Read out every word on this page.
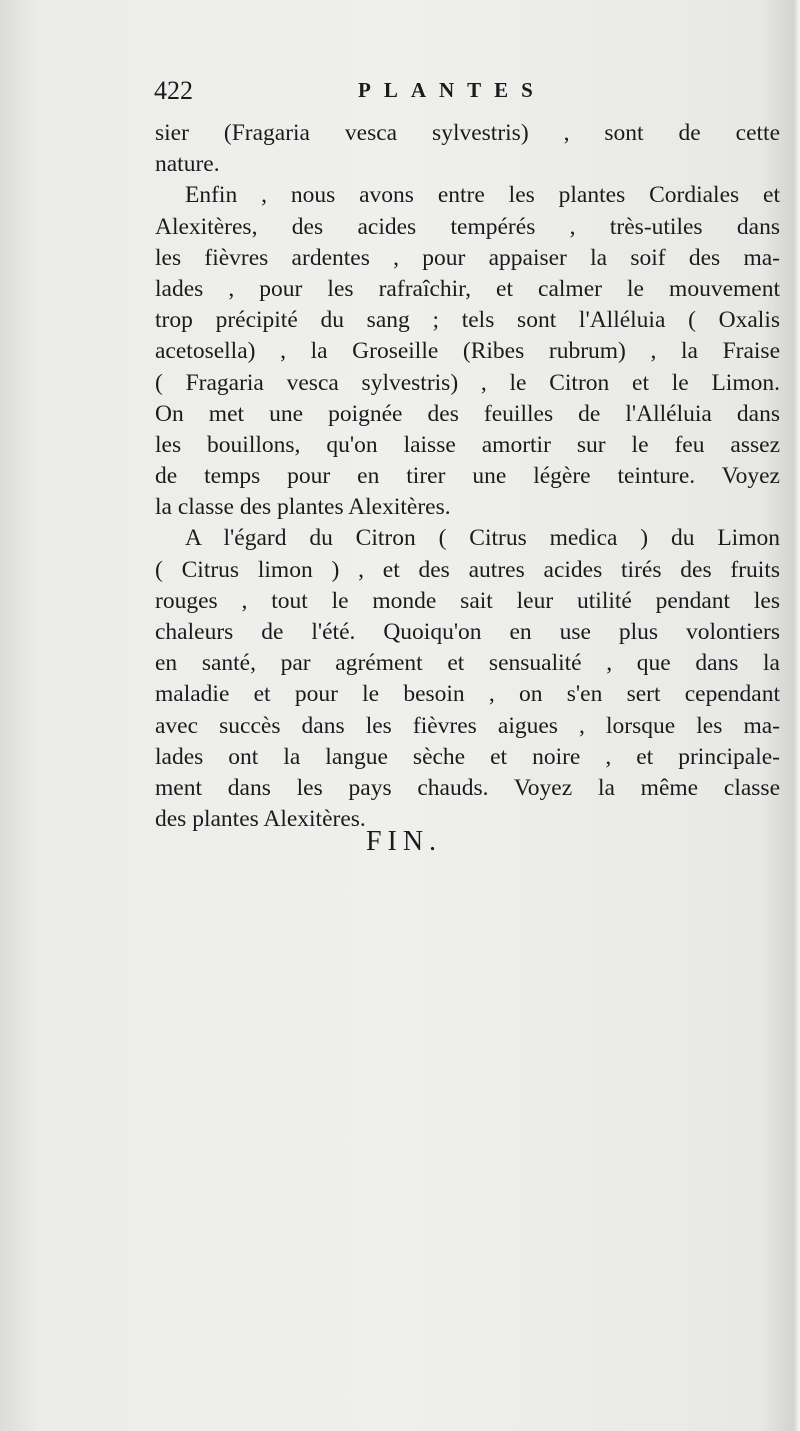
422	PLANTES
sier (Fragaria vesca sylvestris) , sont de cette
nature.
Enfin , nous avons entre les plantes Cordiales et
Alexitères, des acides tempérés , très-utiles dans
les fièvres ardentes , pour appaiser la soif des ma-
lades , pour les rafraîchir, et calmer le mouvement
trop précipité du sang ; tels sont l'Alléluia ( Oxalis
acetosella) , la Groseille (Ribes rubrum) , la Fraise
( Fragaria vesca sylvestris) , le Citron et le Limon.
On met une poignée des feuilles de l'Alléluia dans
les bouillons, qu'on laisse amortir sur le feu assez
de temps pour en tirer une légère teinture. Voyez
la classe des plantes Alexitères.
A l'égard du Citron ( Citrus medica ) du Limon
( Citrus limon ) , et des autres acides tirés des fruits
rouges , tout le monde sait leur utilité pendant les
chaleurs de l'été. Quoiqu'on en use plus volontiers
en santé, par agrément et sensualité , que dans la
maladie et pour le besoin , on s'en sert cependant
avec succès dans les fièvres aigues , lorsque les ma-
lades ont la langue sèche et noire , et principale-
ment dans les pays chauds. Voyez la même classe
des plantes Alexitères.
FIN.
